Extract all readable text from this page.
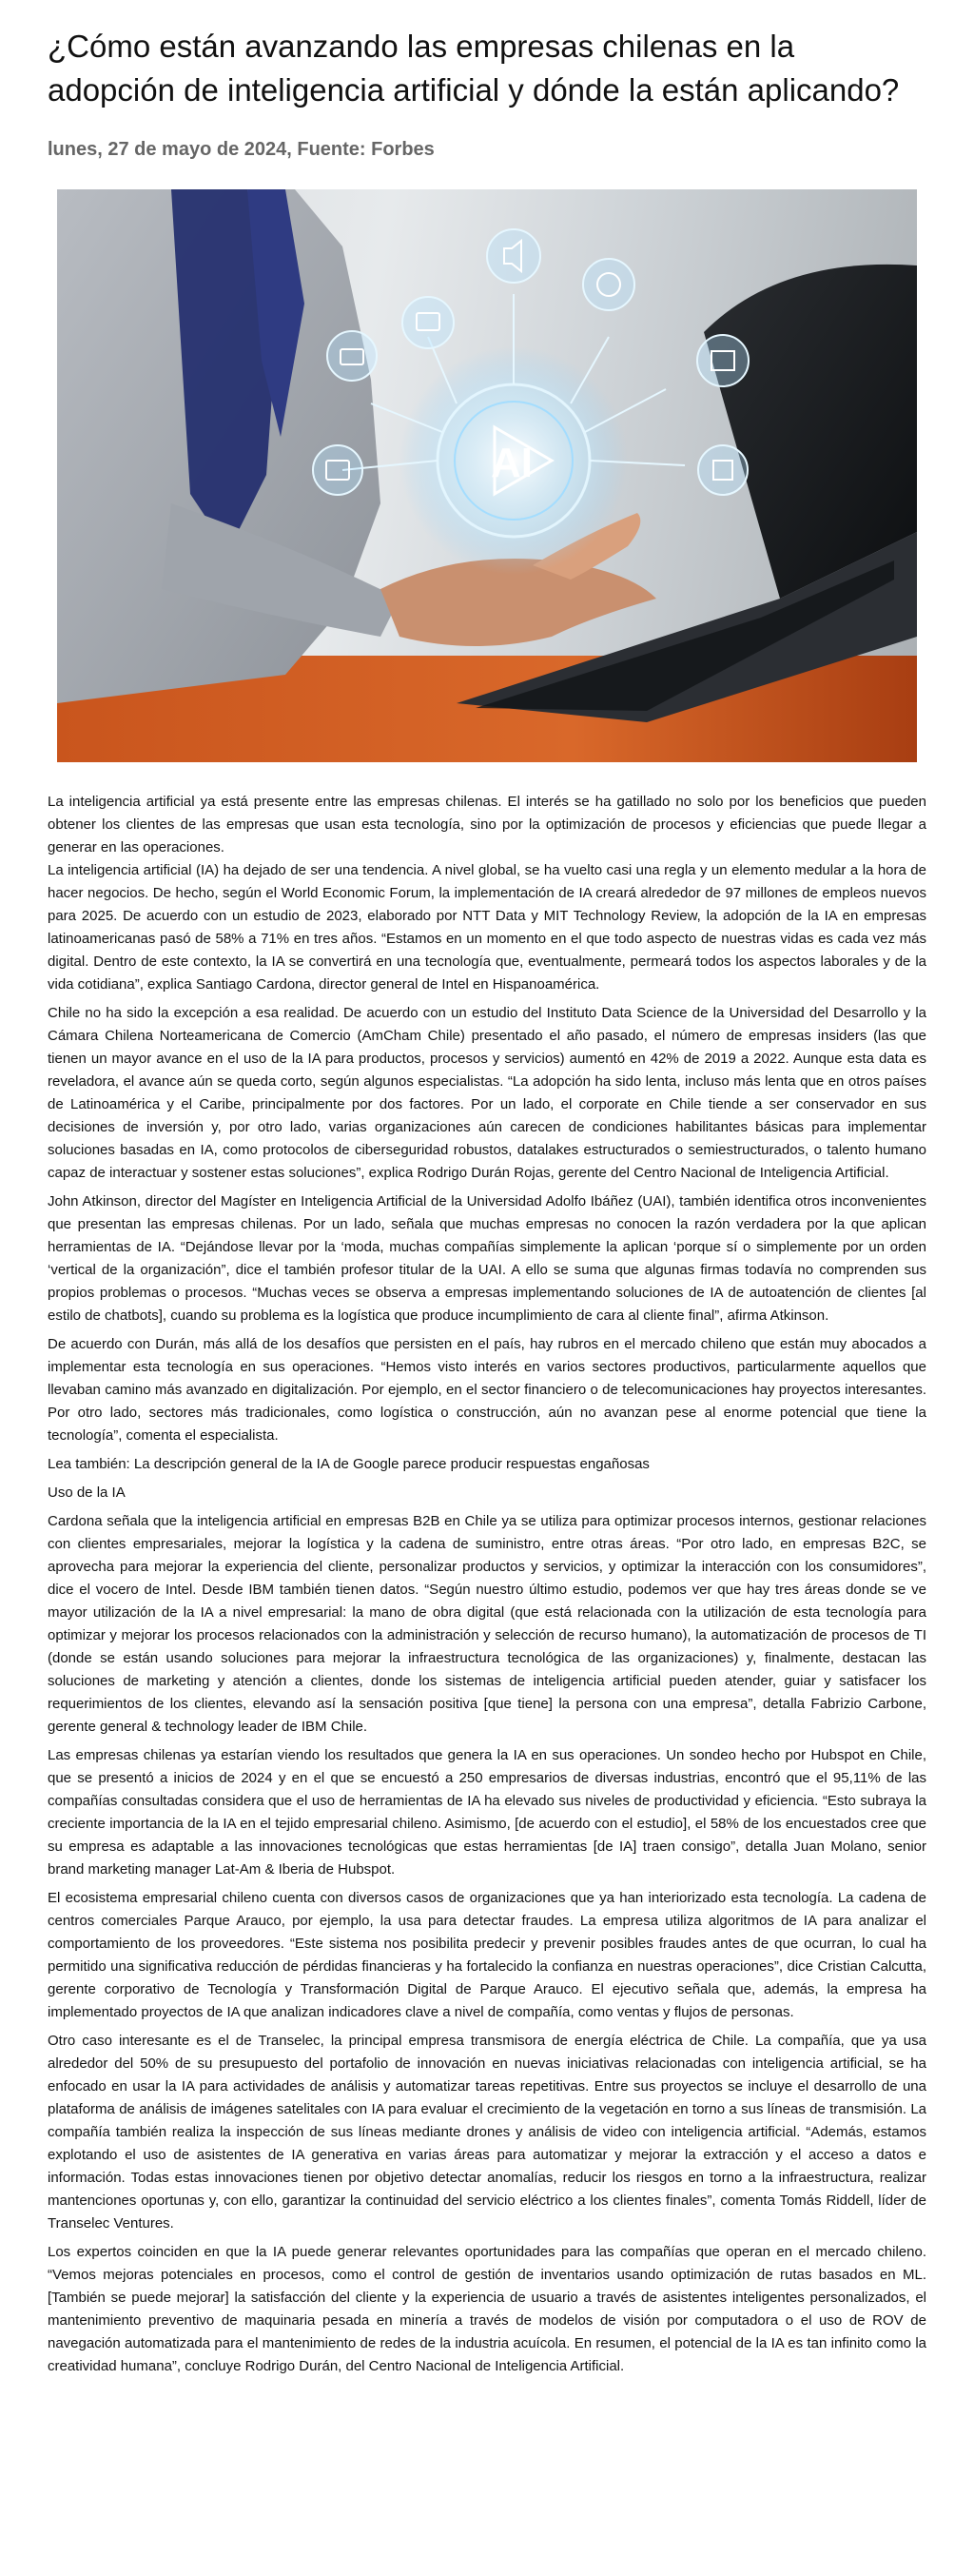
¿Cómo están avanzando las empresas chilenas en la adopción de inteligencia artificial y dónde la están aplicando?
lunes, 27 de mayo de 2024, Fuente: Forbes
AI

La inteligencia artificial ya está presente entre las empresas chilenas. El interés se ha gatillado no solo por los beneficios que pueden obtener los clientes de las empresas que usan esta tecnología, sino por la optimización de procesos y eficiencias que puede llegar a generar en las operaciones.

La inteligencia artificial (IA) ha dejado de ser una tendencia. A nivel global, se ha vuelto casi una regla y un elemento medular a la hora de hacer negocios. De hecho, según el World Economic Forum, la implementación de IA creará alrededor de 97 millones de empleos nuevos para 2025. De acuerdo con un estudio de 2023, elaborado por NTT Data y MIT Technology Review, la adopción de la IA en empresas latinoamericanas pasó de 58% a 71% en tres años. “Estamos en un momento en el que todo aspecto de nuestras vidas es cada vez más digital. Dentro de este contexto, la IA se convertirá en una tecnología que, eventualmente, permeará todos los aspectos laborales y de la vida cotidiana”, explica Santiago Cardona, director general de Intel en Hispanoamérica.

Chile no ha sido la excepción a esa realidad. De acuerdo con un estudio del Instituto Data Science de la Universidad del Desarrollo y la Cámara Chilena Norteamericana de Comercio (AmCham Chile) presentado el año pasado, el número de empresas insiders (las que tienen un mayor avance en el uso de la IA para productos, procesos y servicios) aumentó en 42% de 2019 a 2022. Aunque esta data es reveladora, el avance aún se queda corto, según algunos especialistas. “La adopción ha sido lenta, incluso más lenta que en otros países de Latinoamérica y el Caribe, principalmente por dos factores. Por un lado, el corporate en Chile tiende a ser conservador en sus decisiones de inversión y, por otro lado, varias organizaciones aún carecen de condiciones habilitantes básicas para implementar soluciones basadas en IA, como protocolos de ciberseguridad robustos, datalakes estructurados o semiestructurados, o talento humano capaz de interactuar y sostener estas soluciones”, explica Rodrigo Durán Rojas, gerente del Centro Nacional de Inteligencia Artificial.

John Atkinson, director del Magíster en Inteligencia Artificial de la Universidad Adolfo Ibáñez (UAI), también identifica otros inconvenientes que presentan las empresas chilenas. Por un lado, señala que muchas empresas no conocen la razón verdadera por la que aplican herramientas de IA. “Dejándose llevar por la ‘moda, muchas compañías simplemente la aplican ‘porque sí o simplemente por un orden ‘vertical de la organización”, dice el también profesor titular de la UAI. A ello se suma que algunas firmas todavía no comprenden sus propios problemas o procesos. “Muchas veces se observa a empresas implementando soluciones de IA de autoatención de clientes [al estilo de chatbots], cuando su problema es la logística que produce incumplimiento de cara al cliente final”, afirma Atkinson.

De acuerdo con Durán, más allá de los desafíos que persisten en el país, hay rubros en el mercado chileno que están muy abocados a implementar esta tecnología en sus operaciones. “Hemos visto interés en varios sectores productivos, particularmente aquellos que llevaban camino más avanzado en digitalización. Por ejemplo, en el sector financiero o de telecomunicaciones hay proyectos interesantes. Por otro lado, sectores más tradicionales, como logística o construcción, aún no avanzan pese al enorme potencial que tiene la tecnología”, comenta el especialista.

Lea también: La descripción general de la IA de Google parece producir respuestas engañosas

Uso de la IA

Cardona señala que la inteligencia artificial en empresas B2B en Chile ya se utiliza para optimizar procesos internos, gestionar relaciones con clientes empresariales, mejorar la logística y la cadena de suministro, entre otras áreas. “Por otro lado, en empresas B2C, se aprovecha para mejorar la experiencia del cliente, personalizar productos y servicios, y optimizar la interacción con los consumidores”, dice el vocero de Intel. Desde IBM también tienen datos. “Según nuestro último estudio, podemos ver que hay tres áreas donde se ve mayor utilización de la IA a nivel empresarial: la mano de obra digital (que está relacionada con la utilización de esta tecnología para optimizar y mejorar los procesos relacionados con la administración y selección de recurso humano), la automatización de procesos de TI (donde se están usando soluciones para mejorar la infraestructura tecnológica de las organizaciones) y, finalmente, destacan las soluciones de marketing y atención a clientes, donde los sistemas de inteligencia artificial pueden atender, guiar y satisfacer los requerimientos de los clientes, elevando así la sensación positiva [que tiene] la persona con una empresa”, detalla Fabrizio Carbone, gerente general & technology leader de IBM Chile.

Las empresas chilenas ya estarían viendo los resultados que genera la IA en sus operaciones. Un sondeo hecho por Hubspot en Chile, que se presentó a inicios de 2024 y en el que se encuestó a 250 empresarios de diversas industrias, encontró que el 95,11% de las compañías consultadas considera que el uso de herramientas de IA ha elevado sus niveles de productividad y eficiencia. “Esto subraya la creciente importancia de la IA en el tejido empresarial chileno. Asimismo, [de acuerdo con el estudio], el 58% de los encuestados cree que su empresa es adaptable a las innovaciones tecnológicas que estas herramientas [de IA] traen consigo”, detalla Juan Molano, senior brand marketing manager Lat-Am & Iberia de Hubspot.

El ecosistema empresarial chileno cuenta con diversos casos de organizaciones que ya han interiorizado esta tecnología. La cadena de centros comerciales Parque Arauco, por ejemplo, la usa para detectar fraudes. La empresa utiliza algoritmos de IA para analizar el comportamiento de los proveedores. “Este sistema nos posibilita predecir y prevenir posibles fraudes antes de que ocurran, lo cual ha permitido una significativa reducción de pérdidas financieras y ha fortalecido la confianza en nuestras operaciones”, dice Cristian Calcutta, gerente corporativo de Tecnología y Transformación Digital de Parque Arauco. El ejecutivo señala que, además, la empresa ha implementado proyectos de IA que analizan indicadores clave a nivel de compañía, como ventas y flujos de personas.

Otro caso interesante es el de Transelec, la principal empresa transmisora de energía eléctrica de Chile. La compañía, que ya usa alrededor del 50% de su presupuesto del portafolio de innovación en nuevas iniciativas relacionadas con inteligencia artificial, se ha enfocado en usar la IA para actividades de análisis y automatizar tareas repetitivas. Entre sus proyectos se incluye el desarrollo de una plataforma de análisis de imágenes satelitales con IA para evaluar el crecimiento de la vegetación en torno a sus líneas de transmisión. La compañía también realiza la inspección de sus líneas mediante drones y análisis de video con inteligencia artificial. “Además, estamos explotando el uso de asistentes de IA generativa en varias áreas para automatizar y mejorar la extracción y el acceso a datos e información. Todas estas innovaciones tienen por objetivo detectar anomalías, reducir los riesgos en torno a la infraestructura, realizar mantenciones oportunas y, con ello, garantizar la continuidad del servicio eléctrico a los clientes finales”, comenta Tomás Riddell, líder de Transelec Ventures.

Los expertos coinciden en que la IA puede generar relevantes oportunidades para las compañías que operan en el mercado chileno. “Vemos mejoras potenciales en procesos, como el control de gestión de inventarios usando optimización de rutas basados en ML. [También se puede mejorar] la satisfacción del cliente y la experiencia de usuario a través de asistentes inteligentes personalizados, el mantenimiento preventivo de maquinaria pesada en minería a través de modelos de visión por computadora o el uso de ROV de navegación automatizada para el mantenimiento de redes de la industria acuícola. En resumen, el potencial de la IA es tan infinito como la creatividad humana”, concluye Rodrigo Durán, del Centro Nacional de Inteligencia Artificial.
